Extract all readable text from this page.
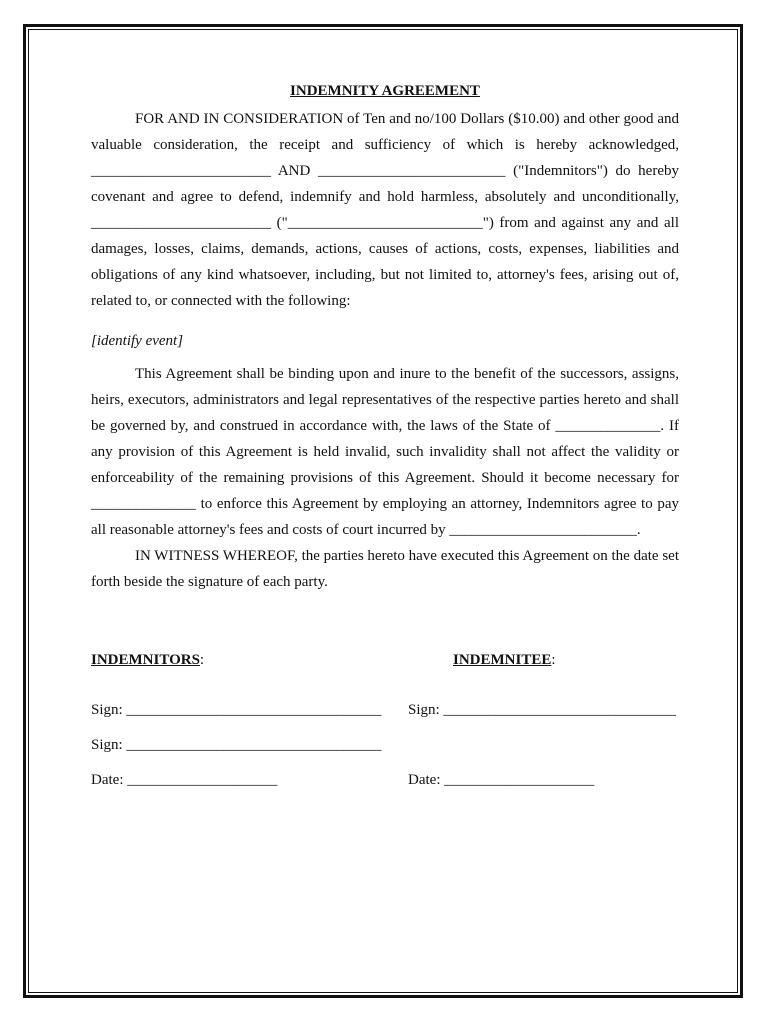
INDEMNITY AGREEMENT

FOR AND IN CONSIDERATION of Ten and no/100 Dollars ($10.00) and other good and valuable consideration, the receipt and sufficiency of which is hereby acknowledged, ________________________ AND _________________________ ("Indemnitors") do hereby covenant and agree to defend, indemnify and hold harmless, absolutely and unconditionally, ________________________ ("__________________________") from and against any and all damages, losses, claims, demands, actions, causes of actions, costs, expenses, liabilities and obligations of any kind whatsoever, including, but not limited to, attorney's fees, arising out of, related to, or connected with the following:

[identify event]

This Agreement shall be binding upon and inure to the benefit of the successors, assigns, heirs, executors, administrators and legal representatives of the respective parties hereto and shall be governed by, and construed in accordance with, the laws of the State of ______________. If any provision of this Agreement is held invalid, such invalidity shall not affect the validity or enforceability of the remaining provisions of this Agreement. Should it become necessary for ______________ to enforce this Agreement by employing an attorney, Indemnitors agree to pay all reasonable attorney's fees and costs of court incurred by _________________________.

IN WITNESS WHEREOF, the parties hereto have executed this Agreement on the date set forth beside the signature of each party.

INDEMNITORS:	INDEMNITEE:
Sign: __________________________________ Sign: _______________________________
Sign: __________________________________
Date: ____________________	Date: ____________________
